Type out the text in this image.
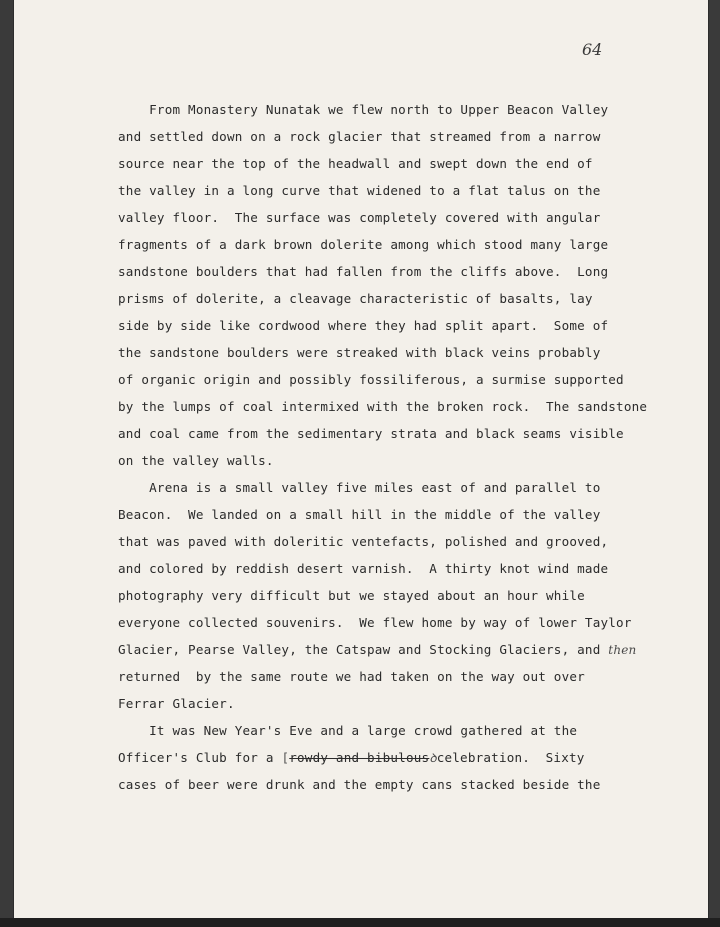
64
From Monastery Nunatak we flew north to Upper Beacon Valley
and settled down on a rock glacier that streamed from a narrow
source near the top of the headwall and swept down the end of
the valley in a long curve that widened to a flat talus on the
valley floor.  The surface was completely covered with angular
fragments of a dark brown dolerite among which stood many large
sandstone boulders that had fallen from the cliffs above.  Long
prisms of dolerite, a cleavage characteristic of basalts, lay
side by side like cordwood where they had split apart.  Some of
the sandstone boulders were streaked with black veins probably
of organic origin and possibly fossiliferous, a surmise supported
by the lumps of coal intermixed with the broken rock.  The sandstone
and coal came from the sedimentary strata and black seams visible
on the valley walls.
Arena is a small valley five miles east of and parallel to
Beacon.  We landed on a small hill in the middle of the valley
that was paved with doleritic ventefacts, polished and grooved,
and colored by reddish desert varnish.  A thirty knot wind made
photography very difficult but we stayed about an hour while
everyone collected souvenirs.  We flew home by way of lower Taylor
Glacier, Pearse Valley, the Catspaw and Stocking Glaciers, and then
returned  by the same route we had taken on the way out over
Ferrar Glacier.
It was New Year's Eve and a large crowd gathered at the
Officer's Club for a [rowdy and bibulousꝺcelebration.  Sixty
cases of beer were drunk and the empty cans stacked beside the
